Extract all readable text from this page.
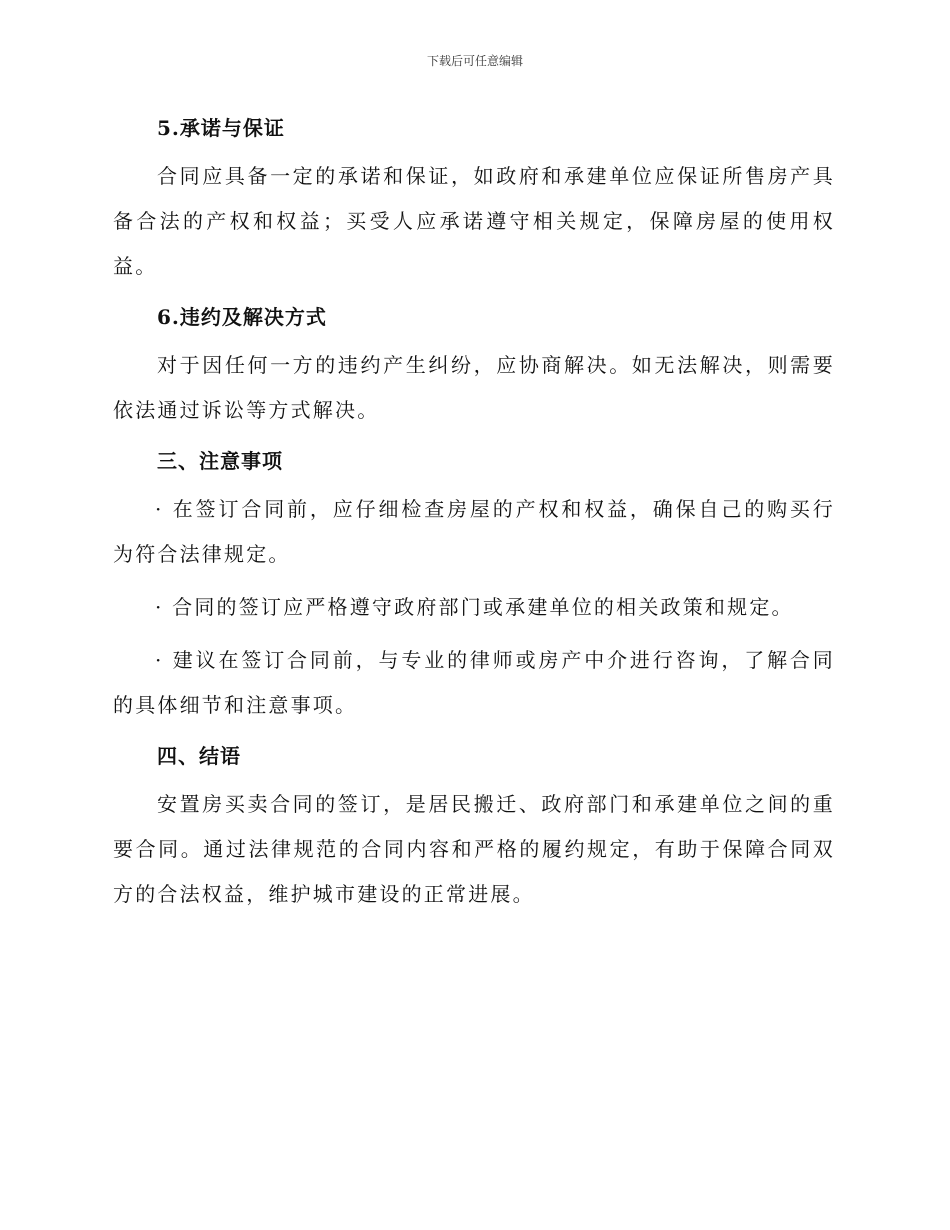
下载后可任意编辑
5.承诺与保证

合同应具备一定的承诺和保证，如政府和承建单位应保证所售房产具备合法的产权和权益；买受人应承诺遵守相关规定，保障房屋的使用权益。

6.违约及解决方式

对于因任何一方的违约产生纠纷，应协商解决。如无法解决，则需要依法通过诉讼等方式解决。

三、注意事项

· 在签订合同前，应仔细检查房屋的产权和权益，确保自己的购买行为符合法律规定。

· 合同的签订应严格遵守政府部门或承建单位的相关政策和规定。

· 建议在签订合同前，与专业的律师或房产中介进行咨询，了解合同的具体细节和注意事项。

四、结语

安置房买卖合同的签订，是居民搬迁、政府部门和承建单位之间的重要合同。通过法律规范的合同内容和严格的履约规定，有助于保障合同双方的合法权益，维护城市建设的正常进展。
